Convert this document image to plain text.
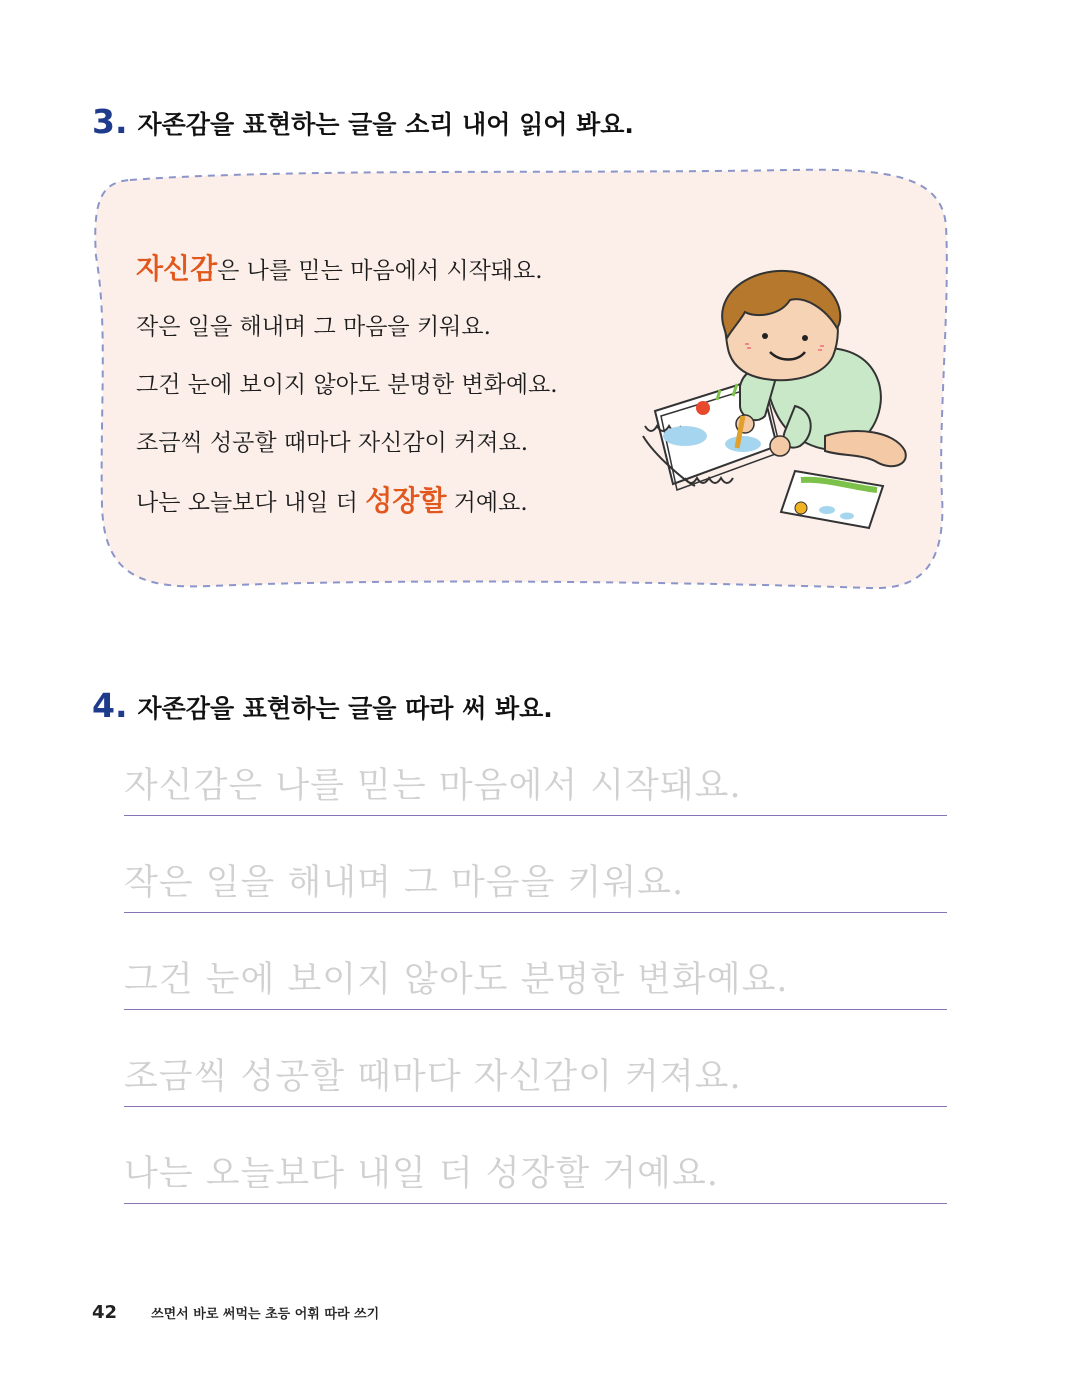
3. 자존감을 표현하는 글을 소리 내어 읽어 봐요.
자신감은 나를 믿는 마음에서 시작돼요.
작은 일을 해내며 그 마음을 키워요.
그건 눈에 보이지 않아도 분명한 변화예요.
조금씩 성공할 때마다 자신감이 커져요.
나는 오늘보다 내일 더 성장할 거예요.
4. 자존감을 표현하는 글을 따라 써 봐요.
자신감은 나를 믿는 마음에서 시작돼요.
작은 일을 해내며 그 마음을 키워요.
그건 눈에 보이지 않아도 분명한 변화예요.
조금씩 성공할 때마다 자신감이 커져요.
나는 오늘보다 내일 더 성장할 거예요.
42	쓰면서 바로 써먹는 초등 어휘 따라 쓰기
